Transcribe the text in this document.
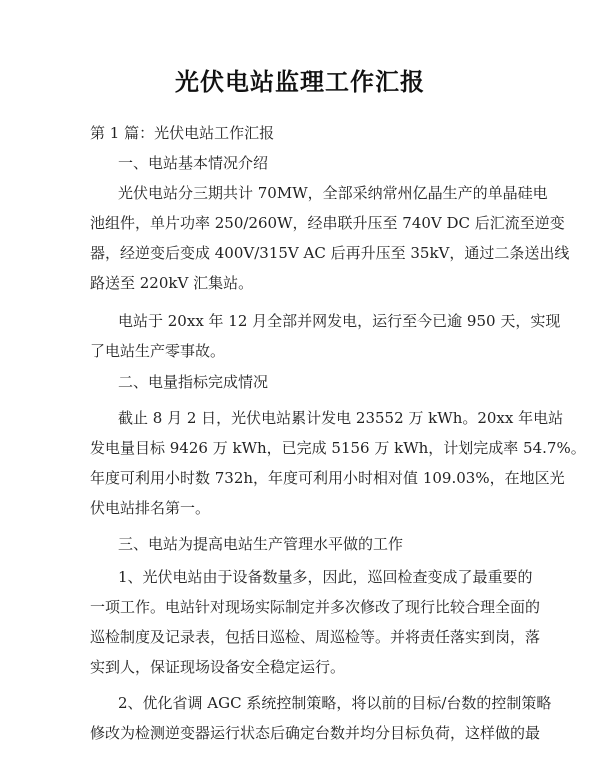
光伏电站监理工作汇报

第 1 篇：光伏电站工作汇报

一、电站基本情况介绍

光伏电站分三期共计 70MW，全部采纳常州亿晶生产的单晶硅电

池组件，单片功率 250/260W，经串联升压至 740V DC 后汇流至逆变

器，经逆变后变成 400V/315V AC 后再升压至 35kV，通过二条送出线

路送至 220kV 汇集站。

电站于 20xx 年 12 月全部并网发电，运行至今已逾 950 天，实现

了电站生产零事故。

二、电量指标完成情况

截止 8 月 2 日，光伏电站累计发电 23552 万 kWh。20xx 年电站

发电量目标 9426 万 kWh，已完成 5156 万 kWh，计划完成率 54.7%。

年度可利用小时数 732h，年度可利用小时相对值 109.03%，在地区光

伏电站排名第一。

三、电站为提高电站生产管理水平做的工作

1、光伏电站由于设备数量多，因此，巡回检查变成了最重要的

一项工作。电站针对现场实际制定并多次修改了现行比较合理全面的

巡检制度及记录表，包括日巡检、周巡检等。并将责任落实到岗，落

实到人，保证现场设备安全稳定运行。

2、优化省调 AGC 系统控制策略，将以前的目标/台数的控制策略

修改为检测逆变器运行状态后确定台数并均分目标负荷，这样做的最
